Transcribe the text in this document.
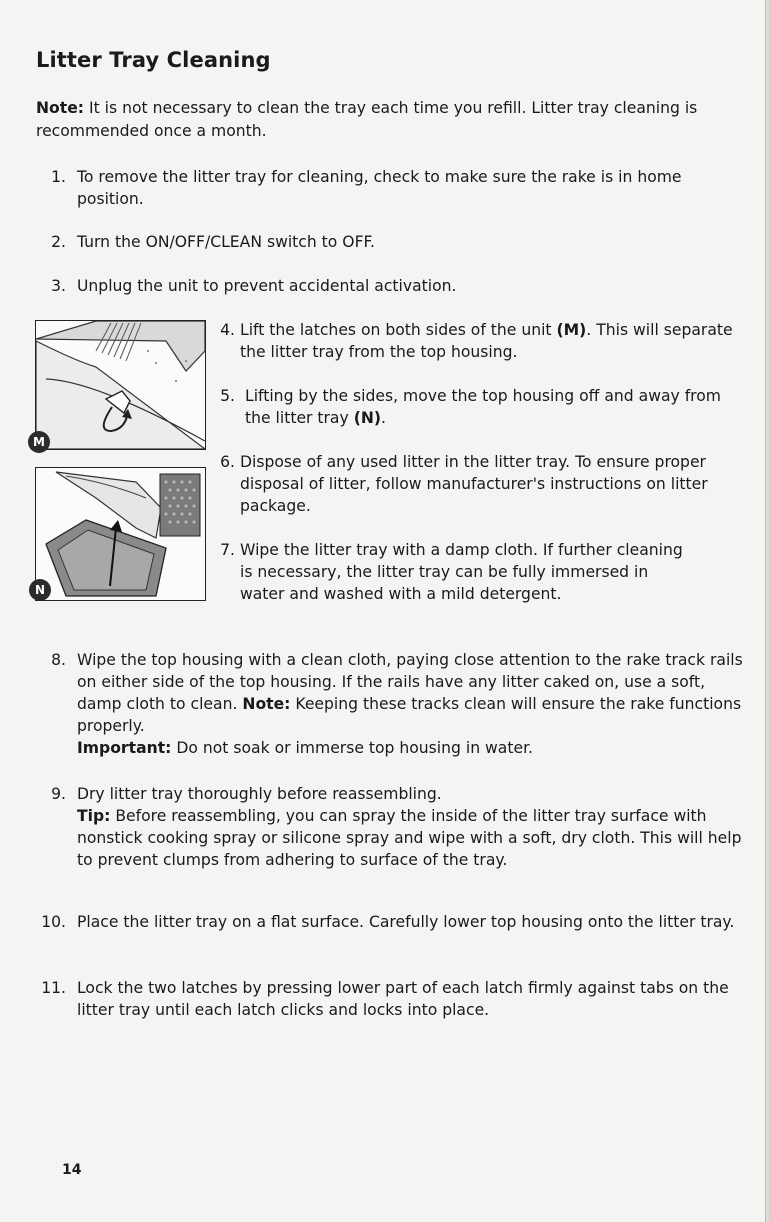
Litter Tray Cleaning
Note: It is not necessary to clean the tray each time you refill. Litter tray cleaning is recommended once a month.
1. To remove the litter tray for cleaning, check to make sure the rake is in home position.
2. Turn the ON/OFF/CLEAN switch to OFF.
3. Unplug the unit to prevent accidental activation.
M
N
4. Lift the latches on both sides of the unit (M). This will separate the litter tray from the top housing.
5. Lifting by the sides, move the top housing off and away from the litter tray (N).
6. Dispose of any used litter in the litter tray. To ensure proper disposal of litter, follow manufacturer's instructions on litter package.
7. Wipe the litter tray with a damp cloth. If further cleaning is necessary, the litter tray can be fully immersed in water and washed with a mild detergent.
8. Wipe the top housing with a clean cloth, paying close attention to the rake track rails on either side of the top housing. If the rails have any litter caked on, use a soft, damp cloth to clean. Note: Keeping these tracks clean will ensure the rake functions properly.
Important: Do not soak or immerse top housing in water.
9. Dry litter tray thoroughly before reassembling.
Tip: Before reassembling, you can spray the inside of the litter tray surface with nonstick cooking spray or silicone spray and wipe with a soft, dry cloth. This will help to prevent clumps from adhering to surface of the tray.
10. Place the litter tray on a flat surface. Carefully lower top housing onto the litter tray.
11. Lock the two latches by pressing lower part of each latch firmly against tabs on the litter tray until each latch clicks and locks into place.
14
